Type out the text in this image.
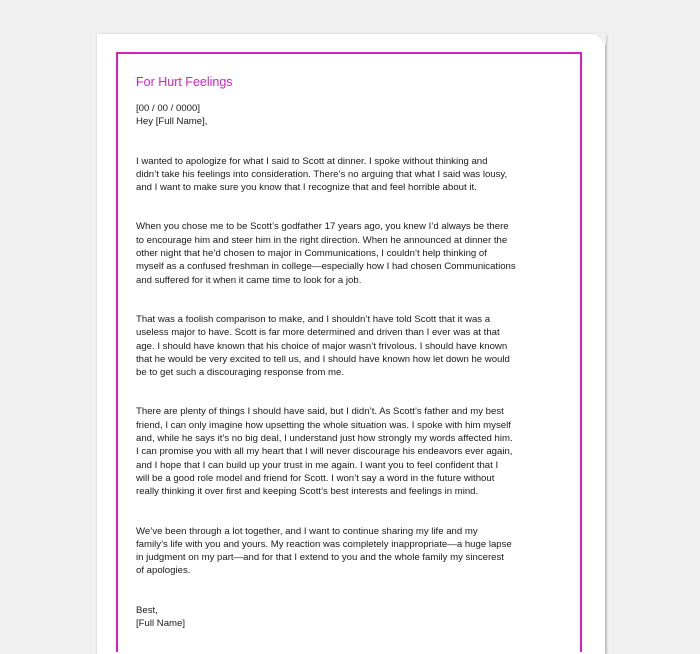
For Hurt Feelings
[00 / 00 / 0000]
Hey [Full Name],
I wanted to apologize for what I said to Scott at dinner. I spoke without thinking and
didn’t take his feelings into consideration. There’s no arguing that what I said was lousy,
and I want to make sure you know that I recognize that and feel horrible about it.
When you chose me to be Scott’s godfather 17 years ago, you knew I’d always be there
to encourage him and steer him in the right direction. When he announced at dinner the
other night that he’d chosen to major in Communications, I couldn’t help thinking of
myself as a confused freshman in college—especially how I had chosen Communications
and suffered for it when it came time to look for a job.
That was a foolish comparison to make, and I shouldn’t have told Scott that it was a
useless major to have. Scott is far more determined and driven than I ever was at that
age. I should have known that his choice of major wasn’t frivolous. I should have known
that he would be very excited to tell us, and I should have known how let down he would
be to get such a discouraging response from me.
There are plenty of things I should have said, but I didn’t. As Scott’s father and my best
friend, I can only imagine how upsetting the whole situation was. I spoke with him myself
and, while he says it’s no big deal, I understand just how strongly my words affected him.
I can promise you with all my heart that I will never discourage his endeavors ever again,
and I hope that I can build up your trust in me again. I want you to feel confident that I
will be a good role model and friend for Scott. I won’t say a word in the future without
really thinking it over first and keeping Scott’s best interests and feelings in mind.
We’ve been through a lot together, and I want to continue sharing my life and my
family’s life with you and yours. My reaction was completely inappropriate—a huge lapse
in judgment on my part—and for that I extend to you and the whole family my sincerest
of apologies.
Best,
[Full Name]
